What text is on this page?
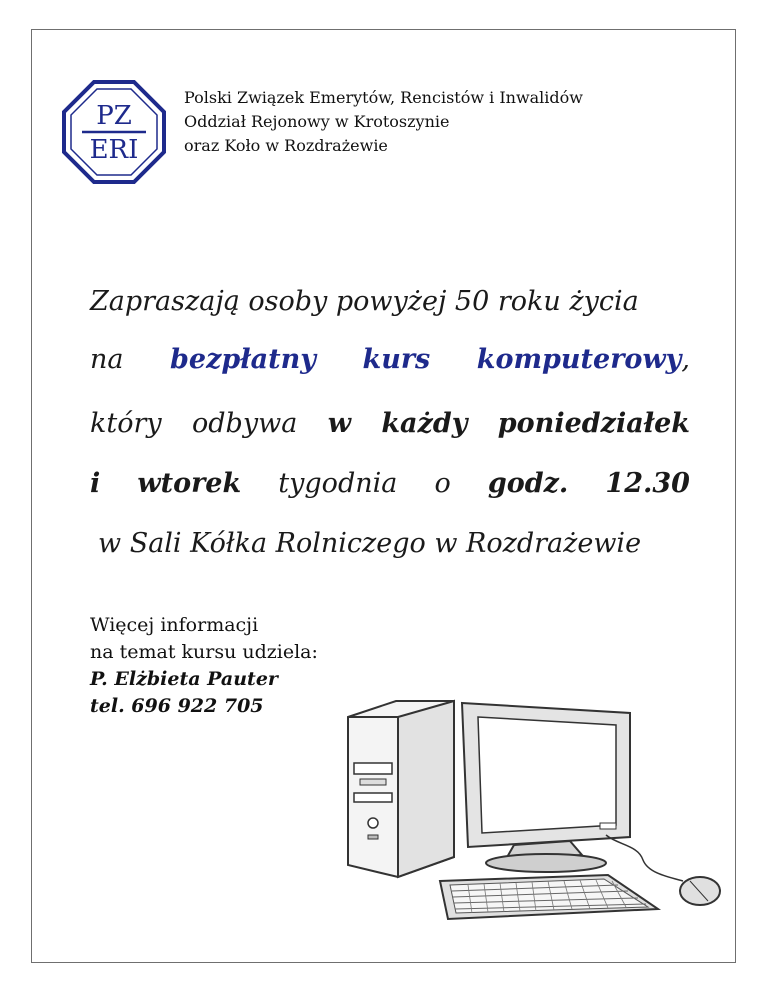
PZ
ERI
Polski Związek Emerytów, Rencistów i Inwalidów
Oddział Rejonowy w Krotoszynie
oraz Koło w Rozdrażewie
Zapraszają osoby powyżej 50 roku życia
na bezpłatny kurs komputerowy,
który odbywa w każdy poniedziałek
i wtorek tygodnia o godz. 12.30
w Sali Kółka Rolniczego w Rozdrażewie
Więcej informacji
na temat kursu udziela:
P. Elżbieta Pauter
tel. 696 922 705
